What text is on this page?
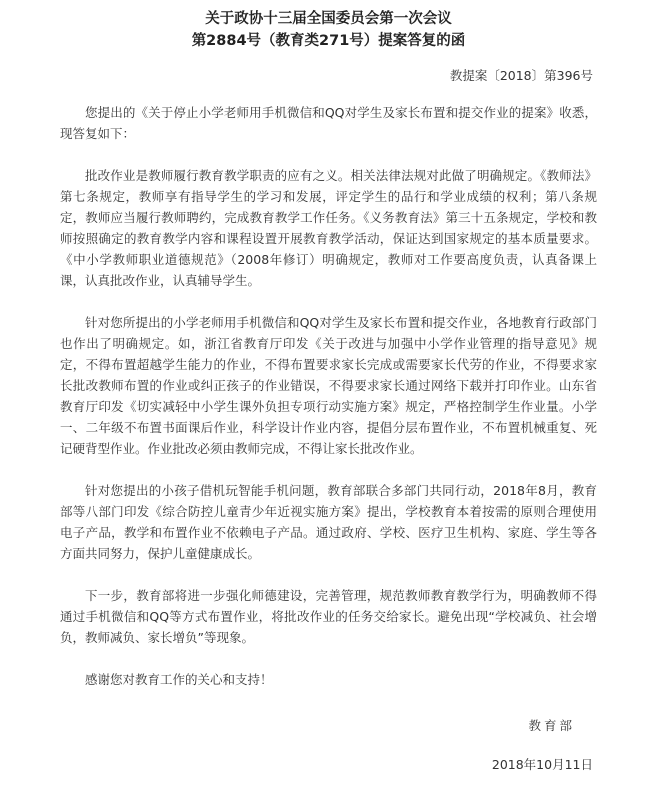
关于政协十三届全国委员会第一次会议
第2884号（教育类271号）提案答复的函
教提案〔2018〕第396号

您提出的《关于停止小学老师用手机微信和QQ对学生及家长布置和提交作业的提案》收悉，现答复如下：

批改作业是教师履行教育教学职责的应有之义。相关法律法规对此做了明确规定。《教师法》第七条规定，教师享有指导学生的学习和发展，评定学生的品行和学业成绩的权利；第八条规定，教师应当履行教师聘约，完成教育教学工作任务。《义务教育法》第三十五条规定，学校和教师按照确定的教育教学内容和课程设置开展教育教学活动，保证达到国家规定的基本质量要求。《中小学教师职业道德规范》（2008年修订）明确规定，教师对工作要高度负责，认真备课上课，认真批改作业，认真辅导学生。

针对您所提出的小学老师用手机微信和QQ对学生及家长布置和提交作业，各地教育行政部门也作出了明确规定。如，浙江省教育厅印发《关于改进与加强中小学作业管理的指导意见》规定，不得布置超越学生能力的作业，不得布置要求家长完成或需要家长代劳的作业，不得要求家长批改教师布置的作业或纠正孩子的作业错误，不得要求家长通过网络下载并打印作业。山东省教育厅印发《切实减轻中小学生课外负担专项行动实施方案》规定，严格控制学生作业量。小学一、二年级不布置书面课后作业，科学设计作业内容，提倡分层布置作业，不布置机械重复、死记硬背型作业。作业批改必须由教师完成，不得让家长批改作业。

针对您提出的小孩子借机玩智能手机问题，教育部联合多部门共同行动，2018年8月，教育部等八部门印发《综合防控儿童青少年近视实施方案》提出，学校教育本着按需的原则合理使用电子产品，教学和布置作业不依赖电子产品。通过政府、学校、医疗卫生机构、家庭、学生等各方面共同努力，保护儿童健康成长。

下一步，教育部将进一步强化师德建设，完善管理，规范教师教育教学行为，明确教师不得通过手机微信和QQ等方式布置作业，将批改作业的任务交给家长。避免出现“学校减负、社会增负，教师减负、家长增负”等现象。

感谢您对教育工作的关心和支持！

教育部
2018年10月11日
